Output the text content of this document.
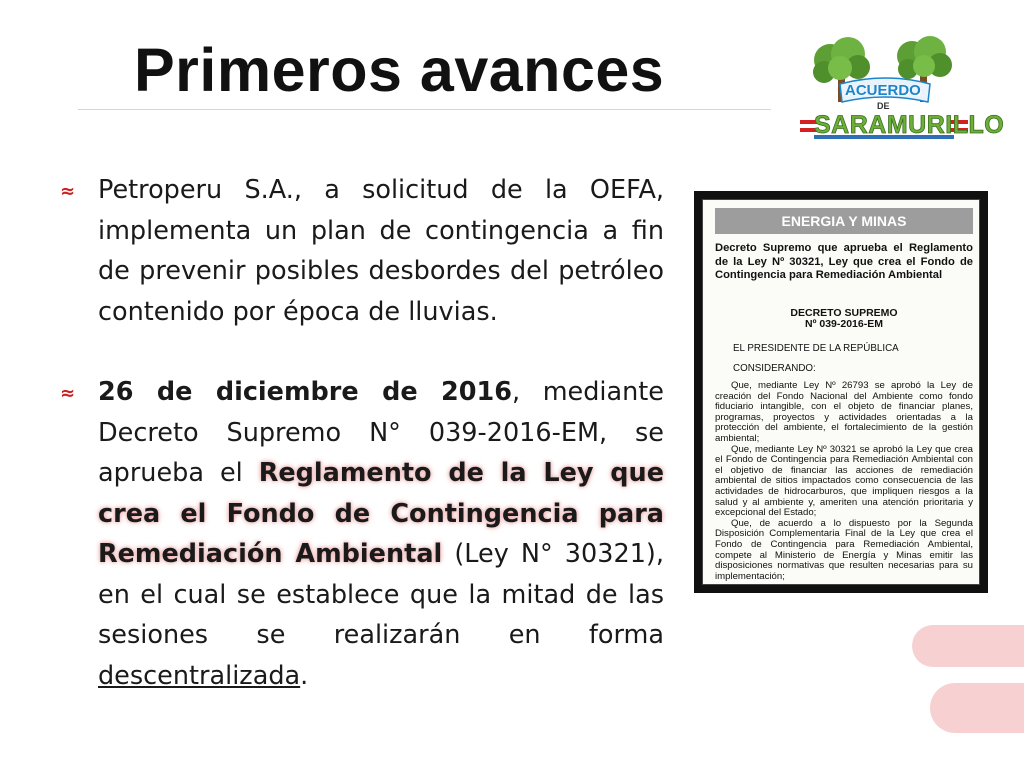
Primeros avances	ACUERDO
DE
SARAMURILLO
≈ Petroperu S.A., a solicitud de la OEFA, implementa un plan de contingencia a fin de prevenir posibles desbordes del petróleo contenido por época de lluvias.
≈ 26 de diciembre de 2016, mediante Decreto Supremo N° 039-2016-EM, se aprueba el Reglamento de la Ley que crea el Fondo de Contingencia para Remediación Ambiental (Ley N° 30321), en el cual se establece que la mitad de las sesiones se realizarán en forma descentralizada.
ENERGIA Y MINAS
Decreto Supremo que aprueba el Reglamento de la Ley Nº 30321, Ley que crea el Fondo de Contingencia para Remediación Ambiental
DECRETO SUPREMO
Nº 039-2016-EM
EL PRESIDENTE DE LA REPÚBLICA
CONSIDERANDO:

Que, mediante Ley Nº 26793 se aprobó la Ley de creación del Fondo Nacional del Ambiente como fondo fiduciario intangible, con el objeto de financiar planes, programas, proyectos y actividades orientadas a la protección del ambiente, el fortalecimiento de la gestión ambiental;

Que, mediante Ley Nº 30321 se aprobó la Ley que crea el Fondo de Contingencia para Remediación Ambiental con el objetivo de financiar las acciones de remediación ambiental de sitios impactados como consecuencia de las actividades de hidrocarburos, que impliquen riesgos a la salud y al ambiente y, ameriten una atención prioritaria y excepcional del Estado;

Que, de acuerdo a lo dispuesto por la Segunda Disposición Complementaria Final de la Ley que crea el Fondo de Contingencia para Remediación Ambiental, compete al Ministerio de Energía y Minas emitir las disposiciones normativas que resulten necesarias para su implementación;
